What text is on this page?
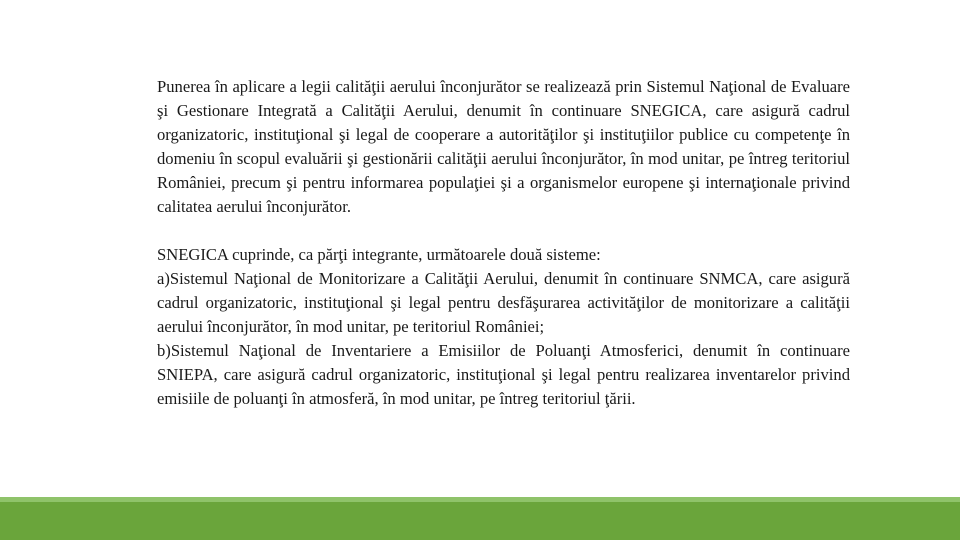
Punerea în aplicare a legii calităţii aerului înconjurător se realizează prin Sistemul Naţional de Evaluare şi Gestionare Integrată a Calităţii Aerului, denumit în continuare SNEGICA, care asigură cadrul organizatoric, instituţional şi legal de cooperare a autorităţilor şi instituţiilor publice cu competenţe în domeniu în scopul evaluării şi gestionării calităţii aerului înconjurător, în mod unitar, pe întreg teritoriul României, precum şi pentru informarea populaţiei şi a organismelor europene şi internaţionale privind calitatea aerului înconjurător.

SNEGICA cuprinde, ca părţi integrante, următoarele două sisteme:

a)Sistemul Naţional de Monitorizare a Calităţii Aerului, denumit în continuare SNMCA, care asigură cadrul organizatoric, instituţional şi legal pentru desfăşurarea activităţilor de monitorizare a calităţii aerului înconjurător, în mod unitar, pe teritoriul României;

b)Sistemul Naţional de Inventariere a Emisiilor de Poluanţi Atmosferici, denumit în continuare SNIEPA, care asigură cadrul organizatoric, instituţional şi legal pentru realizarea inventarelor privind emisiile de poluanţi în atmosferă, în mod unitar, pe întreg teritoriul ţării.
